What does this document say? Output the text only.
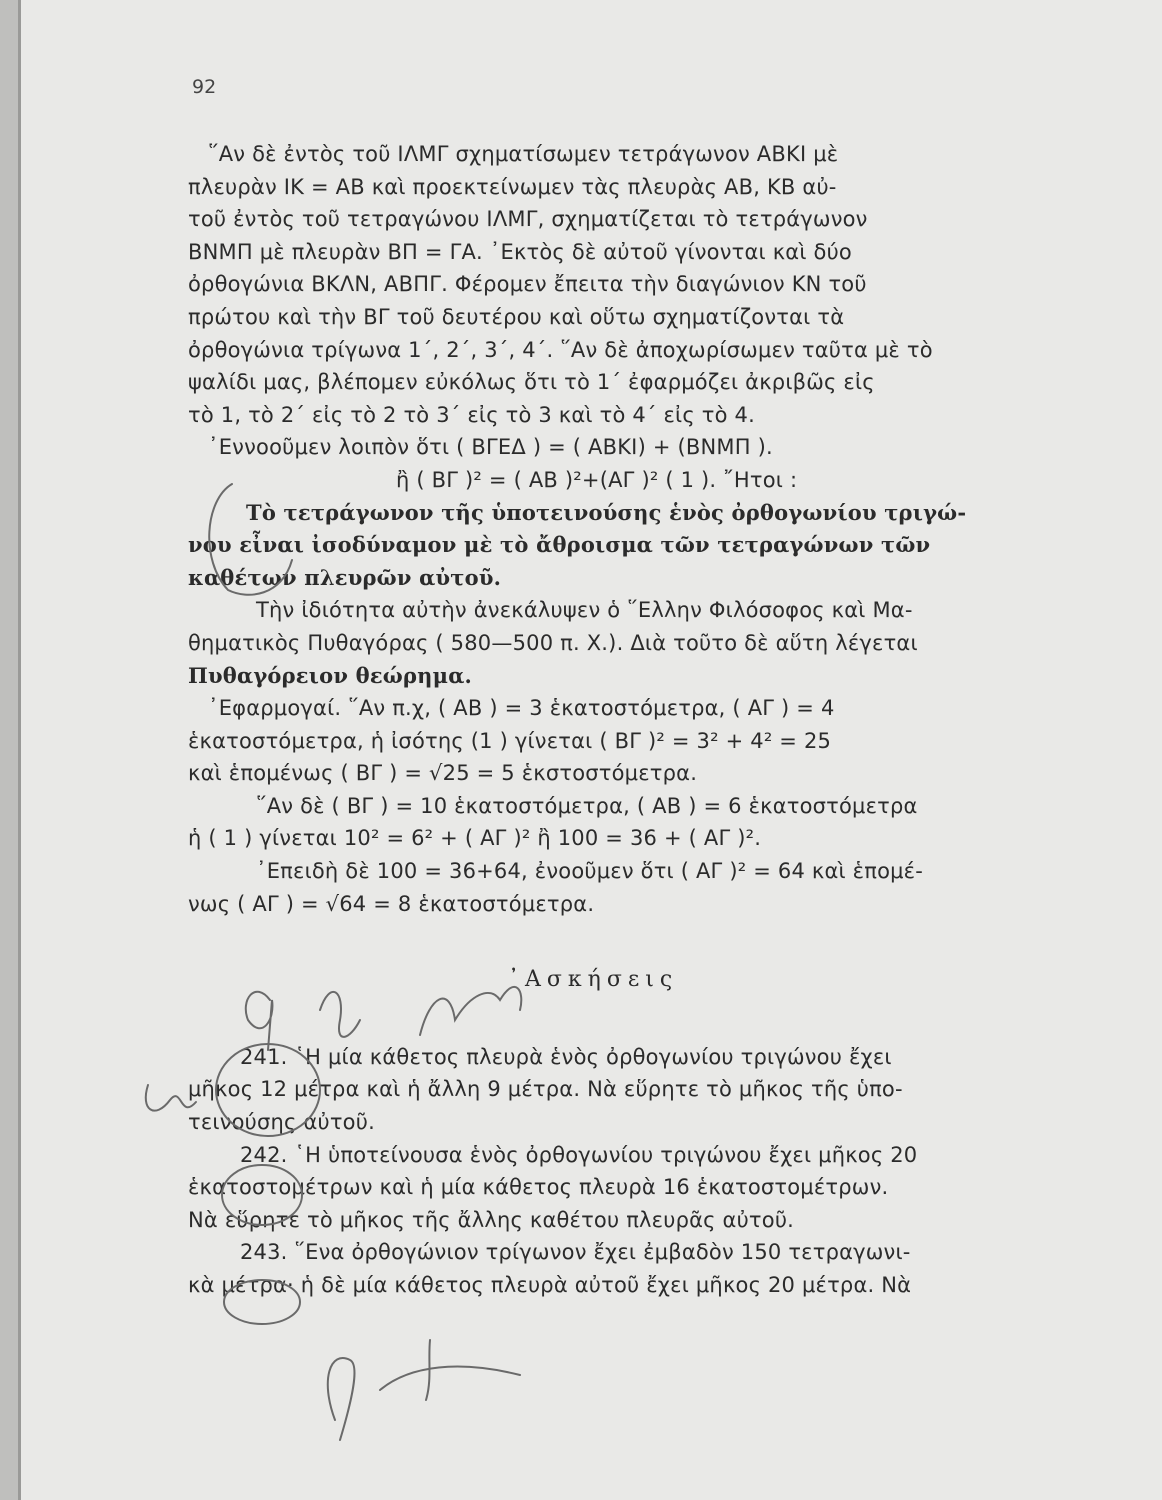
92
῞Αν δὲ ἐντὸς τοῦ ΙΛΜΓ σχηματίσωμεν τετράγωνον ΑΒΚΙ μὲ
πλευρὰν ΙΚ = ΑΒ καὶ προεκτείνωμεν τὰς πλευρὰς ΑΒ, ΚΒ αὐ-
τοῦ ἐντὸς τοῦ τετραγώνου ΙΛΜΓ, σχηματίζεται τὸ τετράγωνον
ΒΝΜΠ μὲ πλευρὰν ΒΠ = ΓΑ. ᾿Εκτὸς δὲ αὐτοῦ γίνονται καὶ δύο
ὀρθογώνια ΒΚΛΝ, ΑΒΠΓ. Φέρομεν ἔπειτα τὴν διαγώνιον ΚΝ τοῦ
πρώτου καὶ τὴν ΒΓ τοῦ δευτέρου καὶ οὕτω σχηματίζονται τὰ
ὀρθογώνια τρίγωνα 1΄, 2΄, 3΄, 4΄. ῞Αν δὲ ἀποχωρίσωμεν ταῦτα μὲ τὸ
ψαλίδι μας, βλέπομεν εὐκόλως ὅτι τὸ 1΄ ἐφαρμόζει ἀκριβῶς εἰς
τὸ 1, τὸ 2΄ εἰς τὸ 2 τὸ 3΄ εἰς τὸ 3 καὶ τὸ 4΄ εἰς τὸ 4.
᾿Εννοοῦμεν λοιπὸν ὅτι ( ΒΓΕΔ ) = ( ΑΒΚΙ) + (ΒΝΜΠ ).
ἢ ( ΒΓ )² = ( ΑΒ )²+(ΑΓ )² ( 1 ). ῎Ητοι :
Τὸ τετράγωνον τῆς ὑποτεινούσης ἑνὸς ὀρθογωνίου τριγώ-
νου εἶναι ἰσοδύναμον μὲ τὸ ἄθροισμα τῶν τετραγώνων τῶν
καθέτων πλευρῶν αὐτοῦ.
Τὴν ἰδιότητα αὐτὴν ἀνεκάλυψεν ὁ ῞Ελλην Φιλόσοφος καὶ Μα-
θηματικὸς Πυθαγόρας ( 580—500 π. Χ.). Διὰ τοῦτο δὲ αὕτη λέγεται
Πυθαγόρειον θεώρημα.
᾿Εφαρμογαί. ῞Αν π.χ, ( ΑΒ ) = 3 ἑκατοστόμετρα, ( ΑΓ ) = 4
ἑκατοστόμετρα, ἡ ἰσότης (1 ) γίνεται ( ΒΓ )² = 3² + 4² = 25
καὶ ἑπομένως ( ΒΓ ) = √25 = 5 ἑκστοστόμετρα.
῞Αν δὲ ( ΒΓ ) = 10 ἑκατοστόμετρα, ( ΑΒ ) = 6 ἑκατοστόμετρα
ἡ ( 1 ) γίνεται 10² = 6² + ( ΑΓ )² ἢ 100 = 36 + ( ΑΓ )².
᾿Επειδὴ δὲ 100 = 36+64, ἐνοοῦμεν ὅτι ( ΑΓ )² = 64 καὶ ἑπομέ-
νως ( ΑΓ ) = √64 = 8 ἑκατοστόμετρα.
᾿Ασκήσεις
241. ῾Η μία κάθετος πλευρὰ ἑνὸς ὀρθογωνίου τριγώνου ἔχει
μῆκος 12 μέτρα καὶ ἡ ἄλλη 9 μέτρα. Νὰ εὕρητε τὸ μῆκος τῆς ὑπο-
τεινούσης αὐτοῦ.
242. ῾Η ὑποτείνουσα ἑνὸς ὀρθογωνίου τριγώνου ἔχει μῆκος 20
ἑκατοστομέτρων καὶ ἡ μία κάθετος πλευρὰ 16 ἑκατοστομέτρων.
Νὰ εὕρητε τὸ μῆκος τῆς ἄλλης καθέτου πλευρᾶς αὐτοῦ.
243. ῞Ενα ὀρθογώνιον τρίγωνον ἔχει ἐμβαδὸν 150 τετραγωνι-
κὰ μέτρα· ἡ δὲ μία κάθετος πλευρὰ αὐτοῦ ἔχει μῆκος 20 μέτρα. Νὰ
